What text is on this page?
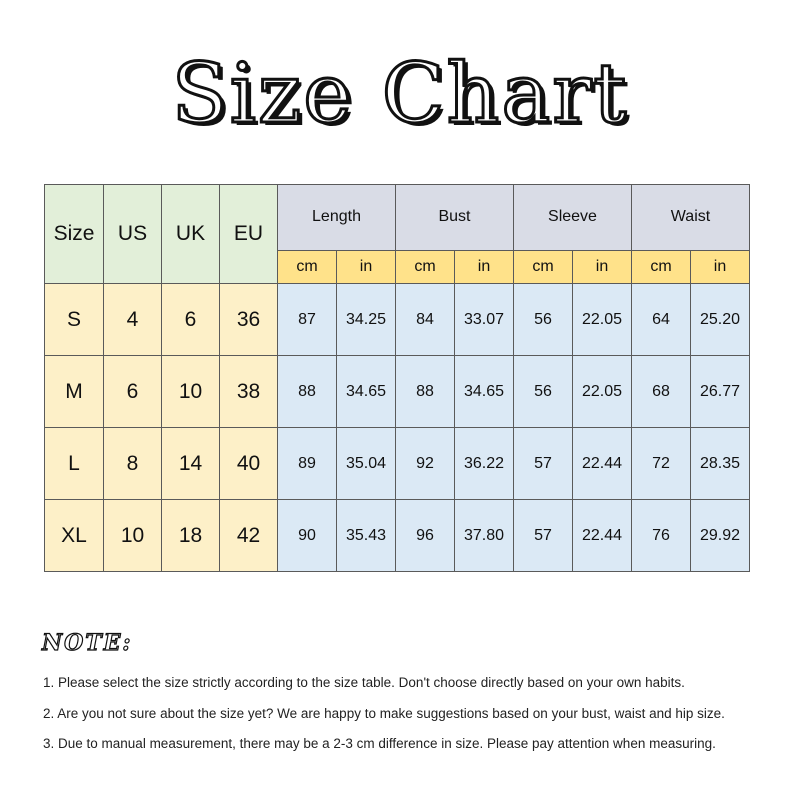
Size Chart
Size	US	UK	EU	Length		Bust		Sleeve		Waist	
				cm	in	cm	in	cm	in	cm	in
S	4	6	36	87	34.25	84	33.07	56	22.05	64	25.20
M	6	10	38	88	34.65	88	34.65	56	22.05	68	26.77
L	8	14	40	89	35.04	92	36.22	57	22.44	72	28.35
XL	10	18	42	90	35.43	96	37.80	57	22.44	76	29.92
NOTE:
1. Please select the size strictly according to the size table. Don't choose directly based on your own habits.
2. Are you not sure about the size yet? We are happy to make suggestions based on your bust, waist and hip size.
3. Due to manual measurement, there may be a 2-3 cm difference in size. Please pay attention when measuring.
